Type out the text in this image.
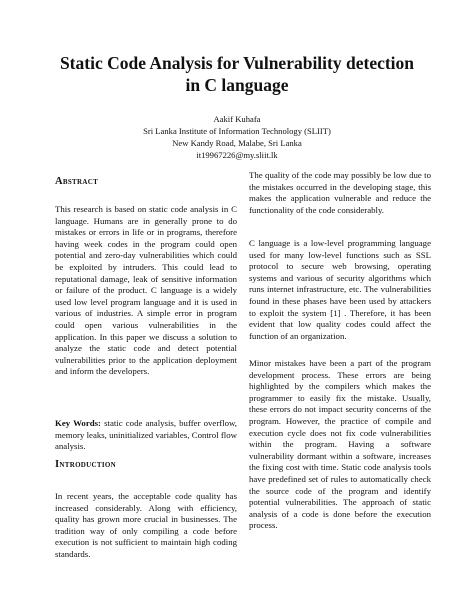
Static Code Analysis for Vulnerability detection
in C language
Aakif Kuhafa
Sri Lanka Institute of Information Technology (SLIIT)
New Kandy Road, Malabe, Sri Lanka
it19967226@my.sliit.lk
Abstract
This research is based on static code analysis in C language. Humans are in generally prone to do mistakes or errors in life or in programs, therefore having week codes in the program could open potential and zero-day vulnerabilities which could be exploited by intruders. This could lead to reputational damage, leak of sensitive information or failure of the product. C language is a widely used low level program language and it is used in various of industries. A simple error in program could open various vulnerabilities in the application. In this paper we discuss a solution to analyze the static code and detect potential vulnerabilities prior to the application deployment and inform the developers.
Key Words: static code analysis, buffer overflow, memory leaks, uninitialized variables, Control flow analysis.
Introduction
In recent years, the acceptable code quality has increased considerably. Along with efficiency, quality has grown more crucial in businesses. The tradition way of only compiling a code before execution is not sufficient to maintain high coding standards.
The quality of the code may possibly be low due to the mistakes occurred in the developing stage, this makes the application vulnerable and reduce the functionality of the code considerably.
C language is a low-level programming language used for many low-level functions such as SSL protocol to secure web browsing, operating systems and various of security algorithms which runs internet infrastructure, etc. The vulnerabilities found in these phases have been used by attackers to exploit the system [1] . Therefore, it has been evident that low quality codes could affect the function of an organization.
Minor mistakes have been a part of the program development process. These errors are being highlighted by the compilers which makes the programmer to easily fix the mistake. Usually, these errors do not impact security concerns of the program. However, the practice of compile and execution cycle does not fix code vulnerabilities within the program. Having a software vulnerability dormant within a software, increases the fixing cost with time. Static code analysis tools have predefined set of rules to automatically check the source code of the program and identify potential vulnerabilities. The approach of static analysis of a code is done before the execution process.
